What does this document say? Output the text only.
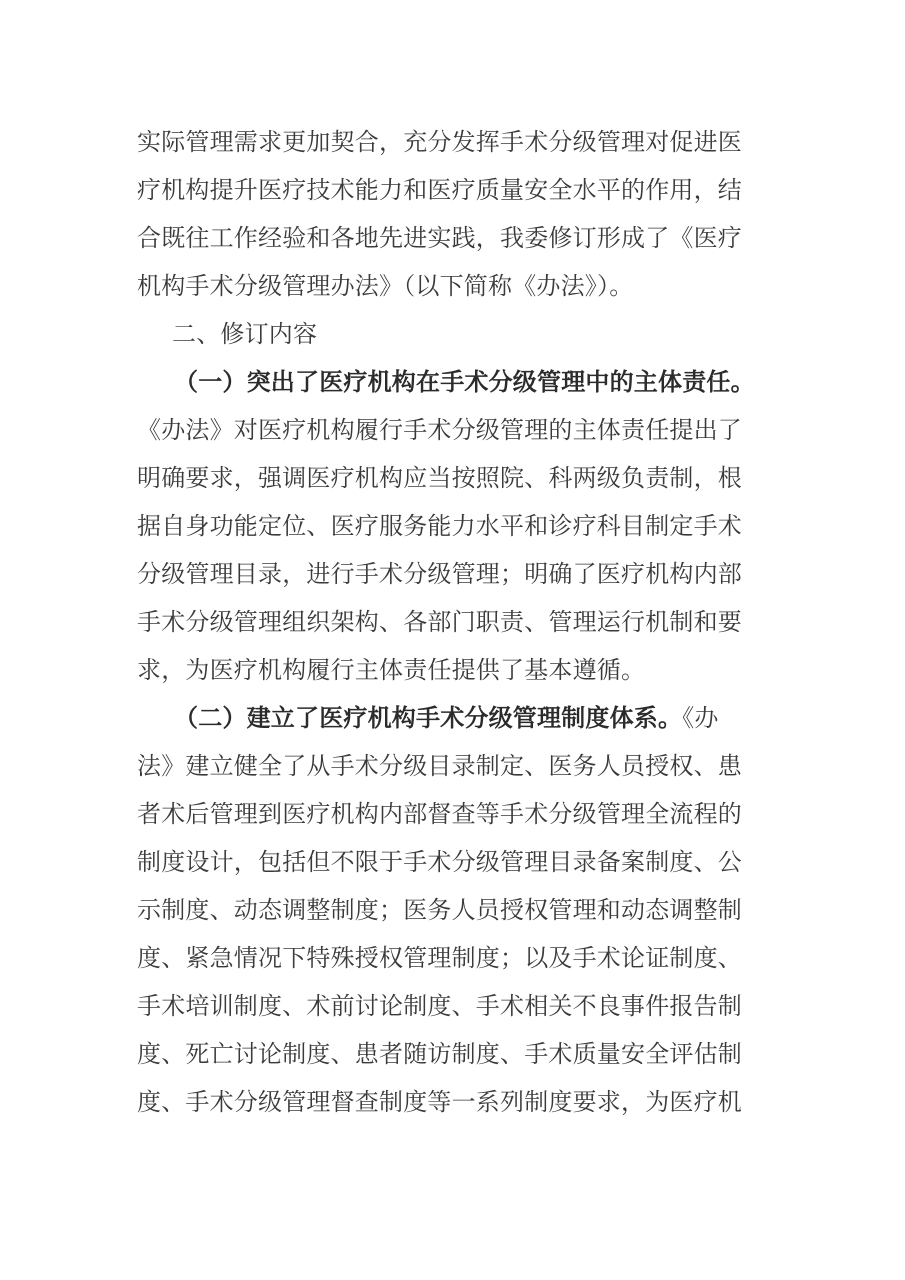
实际管理需求更加契合，充分发挥手术分级管理对促进医
疗机构提升医疗技术能力和医疗质量安全水平的作用，结
合既往工作经验和各地先进实践，我委修订形成了《医疗
机构手术分级管理办法》（以下简称《办法》）。
二、修订内容
（一）突出了医疗机构在手术分级管理中的主体责任。
《办法》对医疗机构履行手术分级管理的主体责任提出了
明确要求，强调医疗机构应当按照院、科两级负责制，根
据自身功能定位、医疗服务能力水平和诊疗科目制定手术
分级管理目录，进行手术分级管理；明确了医疗机构内部
手术分级管理组织架构、各部门职责、管理运行机制和要
求，为医疗机构履行主体责任提供了基本遵循。
（二）建立了医疗机构手术分级管理制度体系。《办
法》建立健全了从手术分级目录制定、医务人员授权、患
者术后管理到医疗机构内部督查等手术分级管理全流程的
制度设计，包括但不限于手术分级管理目录备案制度、公
示制度、动态调整制度；医务人员授权管理和动态调整制
度、紧急情况下特殊授权管理制度；以及手术论证制度、
手术培训制度、术前讨论制度、手术相关不良事件报告制
度、死亡讨论制度、患者随访制度、手术质量安全评估制
度、手术分级管理督查制度等一系列制度要求，为医疗机
